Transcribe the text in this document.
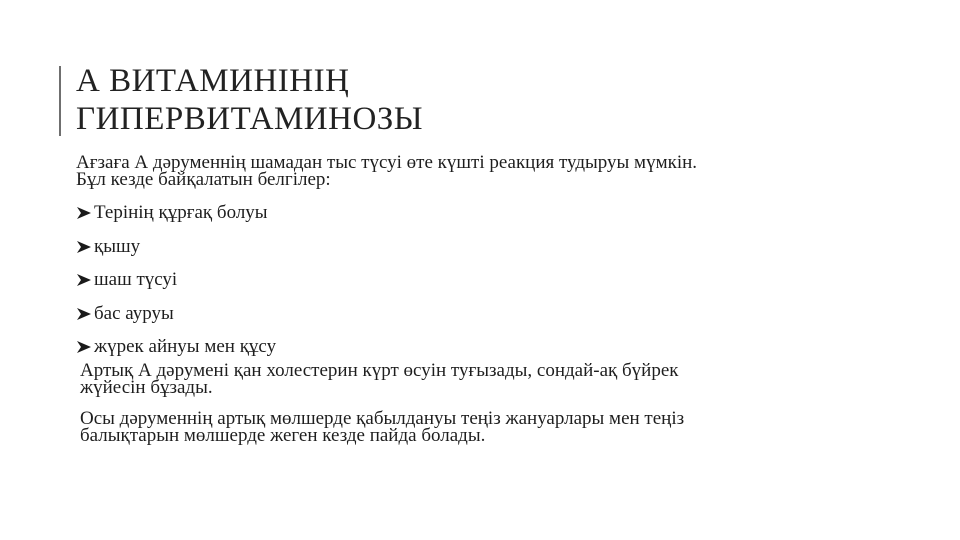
А ВИТАМИНІНІҢ
ГИПЕРВИТАМИНОЗЫ

Ағзаға А дәруменнің шамадан тыс түсуі өте күшті реакция тудыруы мүмкін.
Бұл кезде байқалатын белгілер:

Терінің құрғақ болуы
қышу
шаш түсуі
бас ауруы
жүрек айнуы мен құсу

Артық А дәрумені қан холестерин күрт өсуін туғызады, сондай-ақ бүйрек
жүйесін бұзады.

Осы дәруменнің артық мөлшерде қабылдануы теңіз жануарлары мен теңіз
балықтарын мөлшерде жеген кезде пайда болады.
